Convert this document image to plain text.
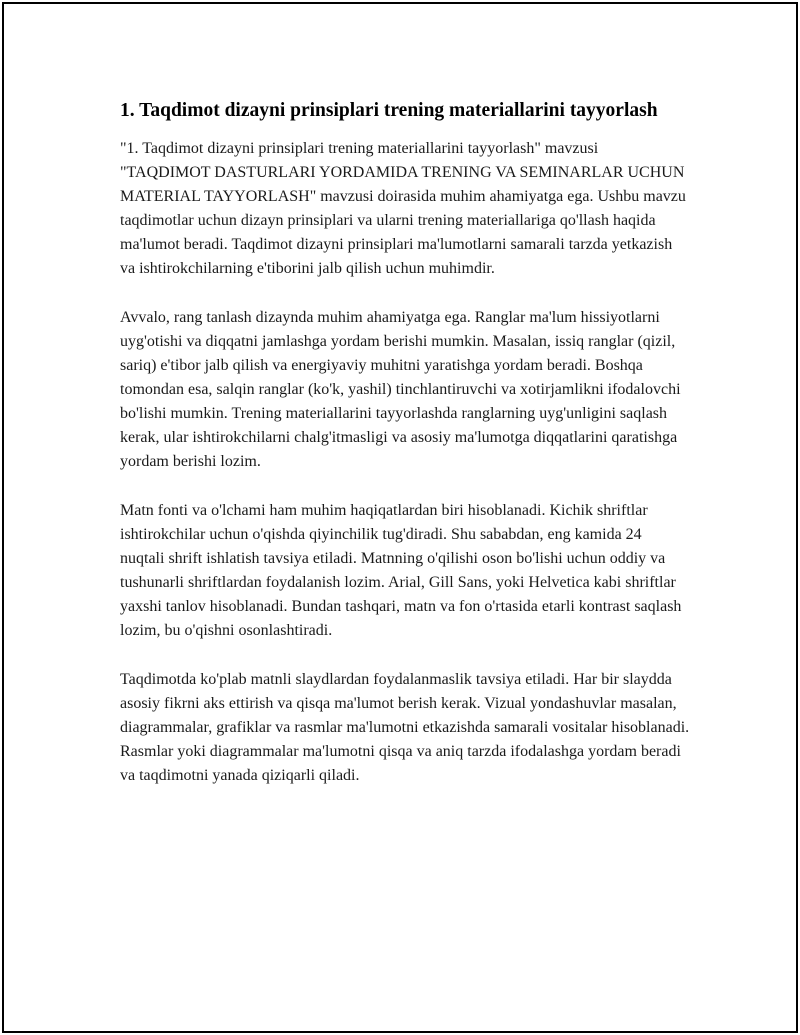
1. Taqdimot dizayni prinsiplari trening materiallarini tayyorlash

"1. Taqdimot dizayni prinsiplari trening materiallarini tayyorlash" mavzusi "TAQDIMOT DASTURLARI YORDAMIDA TRENING VA SEMINARLAR UCHUN MATERIAL TAYYORLASH" mavzusi doirasida muhim ahamiyatga ega. Ushbu mavzu taqdimotlar uchun dizayn prinsiplari va ularni trening materiallariga qo'llash haqida ma'lumot beradi. Taqdimot dizayni prinsiplari ma'lumotlarni samarali tarzda yetkazish va ishtirokchilarning e'tiborini jalb qilish uchun muhimdir.

Avvalo, rang tanlash dizaynda muhim ahamiyatga ega. Ranglar ma'lum hissiyotlarni uyg'otishi va diqqatni jamlashga yordam berishi mumkin. Masalan, issiq ranglar (qizil, sariq) e'tibor jalb qilish va energiyaviy muhitni yaratishga yordam beradi. Boshqa tomondan esa, salqin ranglar (ko'k, yashil) tinchlantiruvchi va xotirjamlikni ifodalovchi bo'lishi mumkin. Trening materiallarini tayyorlashda ranglarning uyg'unligini saqlash kerak, ular ishtirokchilarni chalg'itmasligi va asosiy ma'lumotga diqqatlarini qaratishga yordam berishi lozim.

Matn fonti va o'lchami ham muhim haqiqatlardan biri hisoblanadi. Kichik shriftlar ishtirokchilar uchun o'qishda qiyinchilik tug'diradi. Shu sababdan, eng kamida 24 nuqtali shrift ishlatish tavsiya etiladi. Matnning o'qilishi oson bo'lishi uchun oddiy va tushunarli shriftlardan foydalanish lozim. Arial, Gill Sans, yoki Helvetica kabi shriftlar yaxshi tanlov hisoblanadi. Bundan tashqari, matn va fon o'rtasida etarli kontrast saqlash lozim, bu o'qishni osonlashtiradi.

Taqdimotda ko'plab matnli slaydlardan foydalanmaslik tavsiya etiladi. Har bir slaydda asosiy fikrni aks ettirish va qisqa ma'lumot berish kerak. Vizual yondashuvlar masalan, diagrammalar, grafiklar va rasmlar ma'lumotni etkazishda samarali vositalar hisoblanadi. Rasmlar yoki diagrammalar ma'lumotni qisqa va aniq tarzda ifodalashga yordam beradi va taqdimotni yanada qiziqarli qiladi.
